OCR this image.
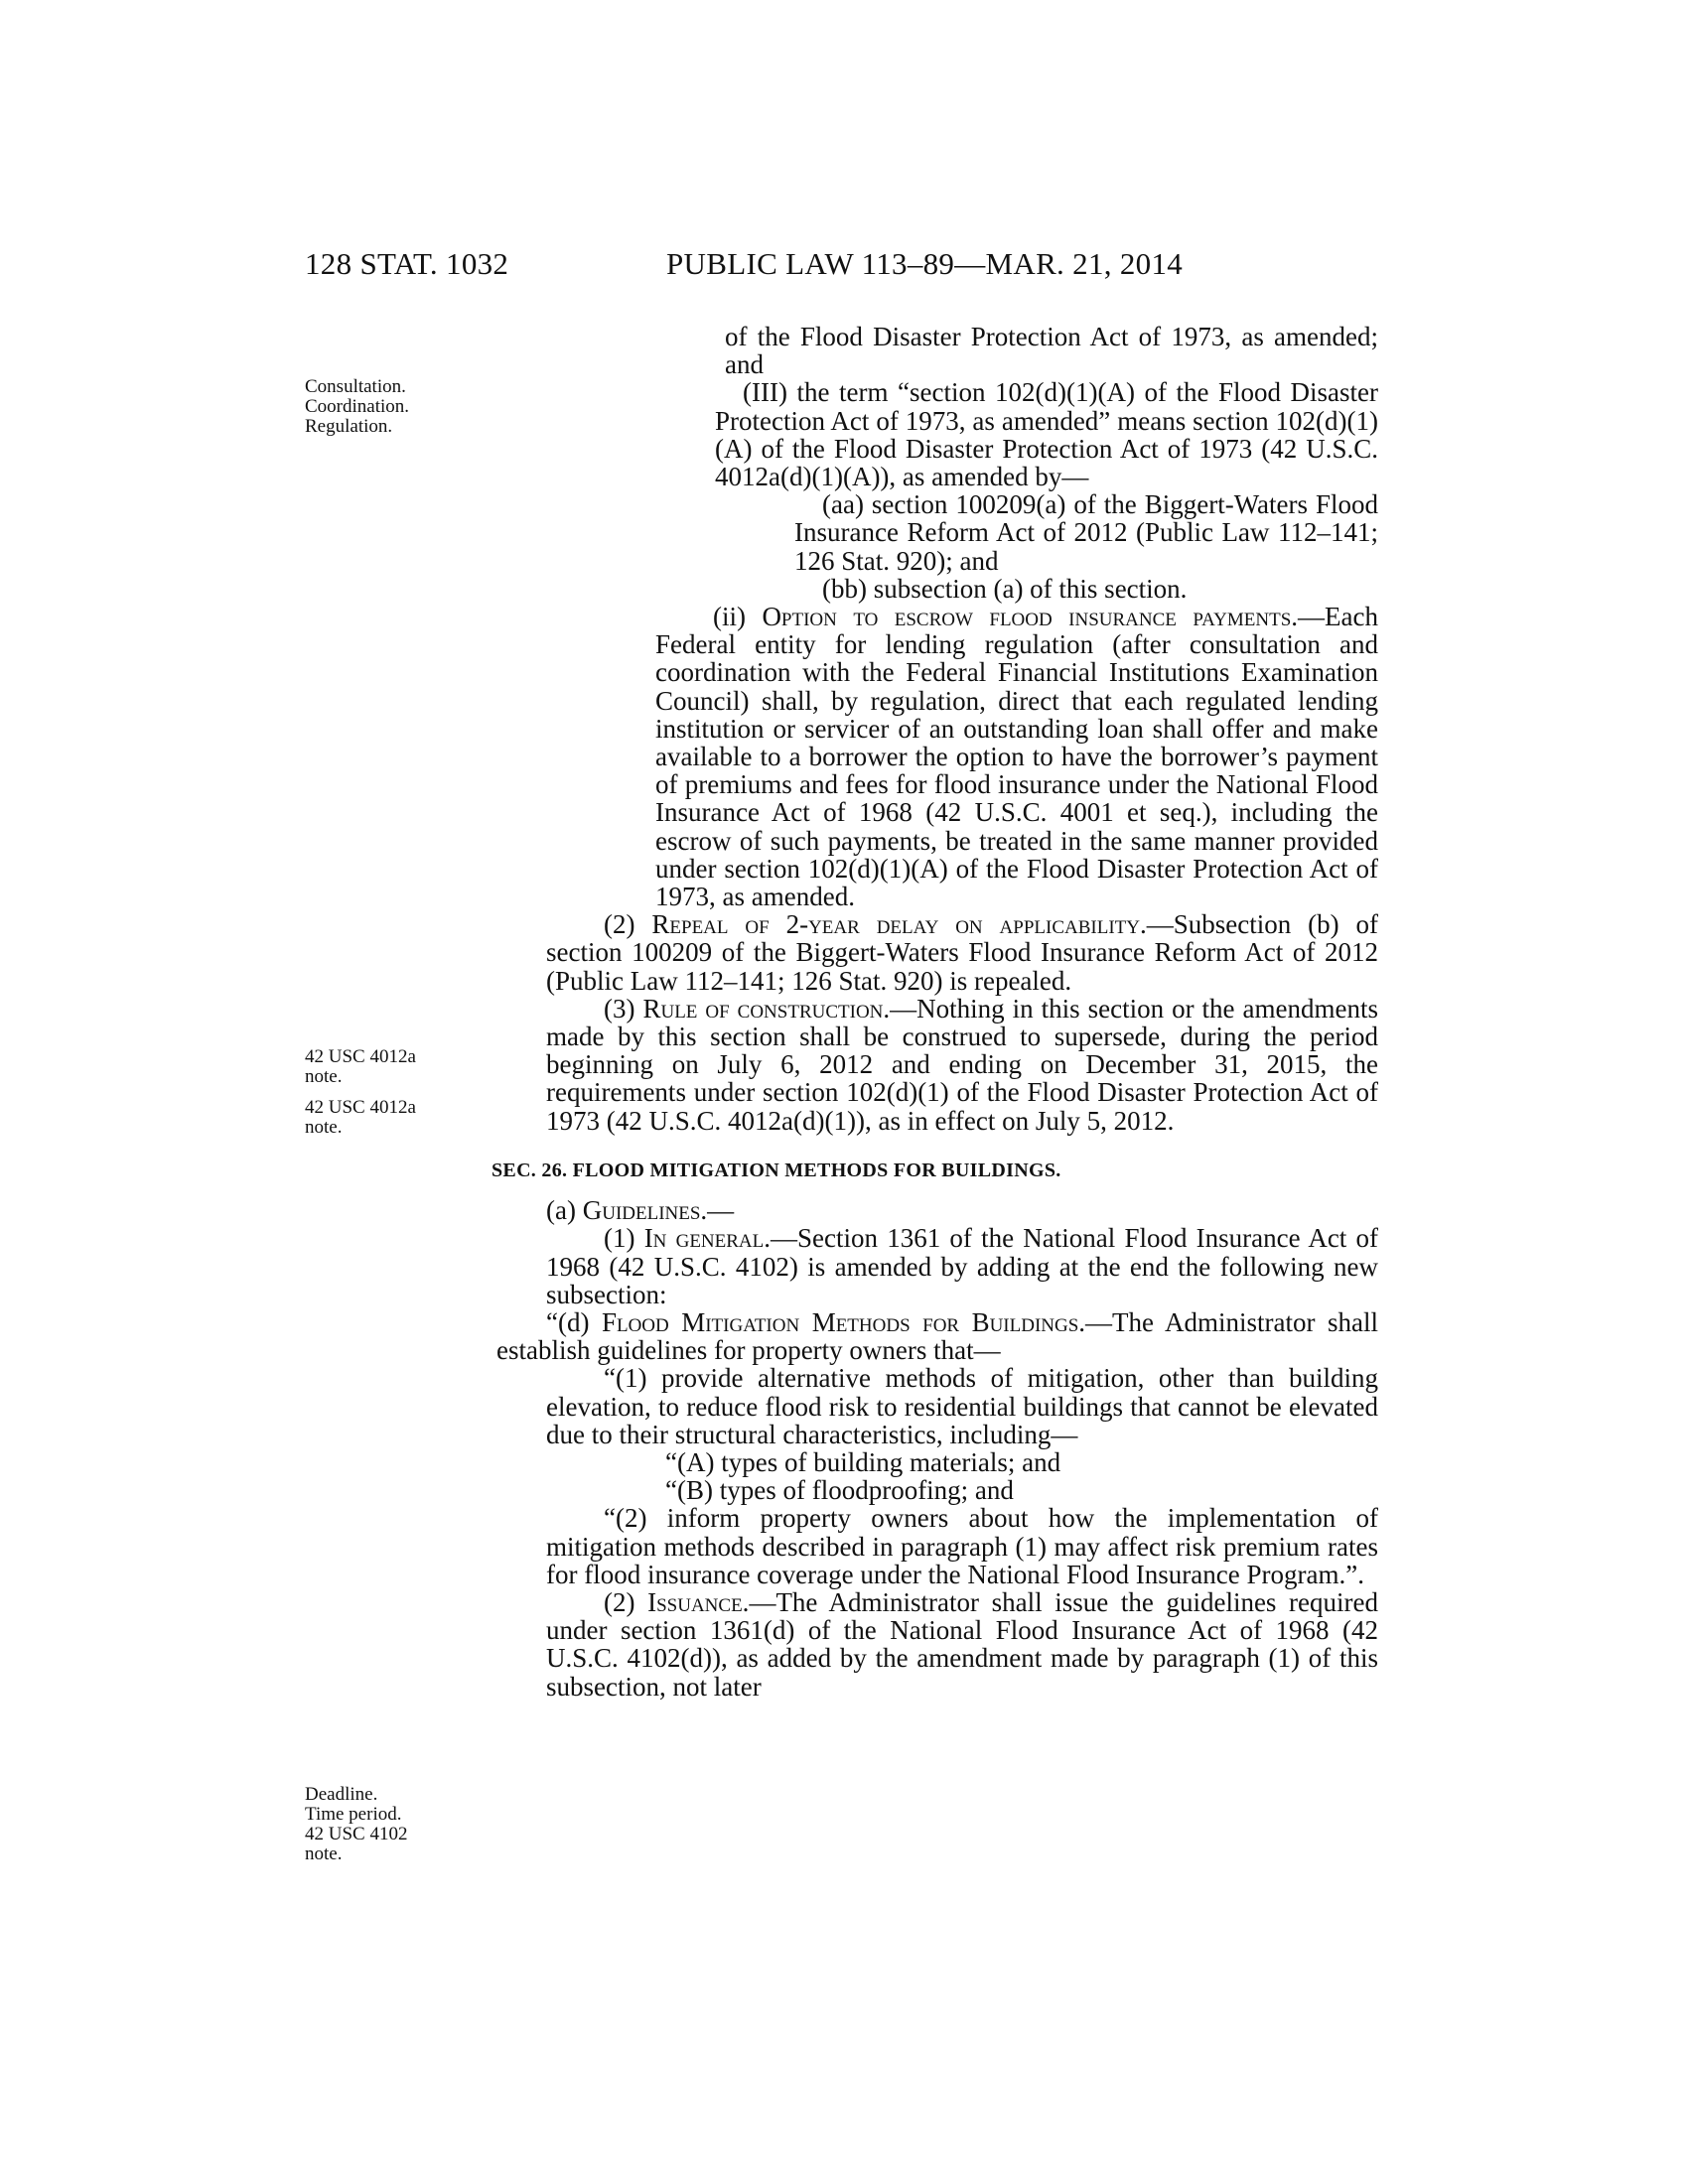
128 STAT. 1032	PUBLIC LAW 113–89—MAR. 21, 2014
Consultation.
Coordination.
Regulation.
42 USC 4012a
note.
42 USC 4012a
note.
Deadline.
Time period.
42 USC 4102
note.

of the Flood Disaster Protection Act of 1973, as amended; and

(III) the term “section 102(d)(1)(A) of the Flood Disaster Protection Act of 1973, as amended” means section 102(d)(1)(A) of the Flood Disaster Protection Act of 1973 (42 U.S.C. 4012a(d)(1)(A)), as amended by—

(aa) section 100209(a) of the Biggert-Waters Flood Insurance Reform Act of 2012 (Public Law 112–141; 126 Stat. 920); and

(bb) subsection (a) of this section.

(ii) Option to escrow flood insurance payments.—Each Federal entity for lending regulation (after consultation and coordination with the Federal Financial Institutions Examination Council) shall, by regulation, direct that each regulated lending institution or servicer of an outstanding loan shall offer and make available to a borrower the option to have the borrower’s payment of premiums and fees for flood insurance under the National Flood Insurance Act of 1968 (42 U.S.C. 4001 et seq.), including the escrow of such payments, be treated in the same manner provided under section 102(d)(1)(A) of the Flood Disaster Protection Act of 1973, as amended.

(2) Repeal of 2-year delay on applicability.—Subsection (b) of section 100209 of the Biggert-Waters Flood Insurance Reform Act of 2012 (Public Law 112–141; 126 Stat. 920) is repealed.

(3) Rule of construction.—Nothing in this section or the amendments made by this section shall be construed to supersede, during the period beginning on July 6, 2012 and ending on December 31, 2015, the requirements under section 102(d)(1) of the Flood Disaster Protection Act of 1973 (42 U.S.C. 4012a(d)(1)), as in effect on July 5, 2012.

SEC. 26. FLOOD MITIGATION METHODS FOR BUILDINGS.

(a) Guidelines.—

(1) In general.—Section 1361 of the National Flood Insurance Act of 1968 (42 U.S.C. 4102) is amended by adding at the end the following new subsection:

“(d) Flood Mitigation Methods for Buildings.—The Administrator shall establish guidelines for property owners that—

“(1) provide alternative methods of mitigation, other than building elevation, to reduce flood risk to residential buildings that cannot be elevated due to their structural characteristics, including—

“(A) types of building materials; and

“(B) types of floodproofing; and

“(2) inform property owners about how the implementation of mitigation methods described in paragraph (1) may affect risk premium rates for flood insurance coverage under the National Flood Insurance Program.”.

(2) Issuance.—The Administrator shall issue the guidelines required under section 1361(d) of the National Flood Insurance Act of 1968 (42 U.S.C. 4102(d)), as added by the amendment made by paragraph (1) of this subsection, not later
